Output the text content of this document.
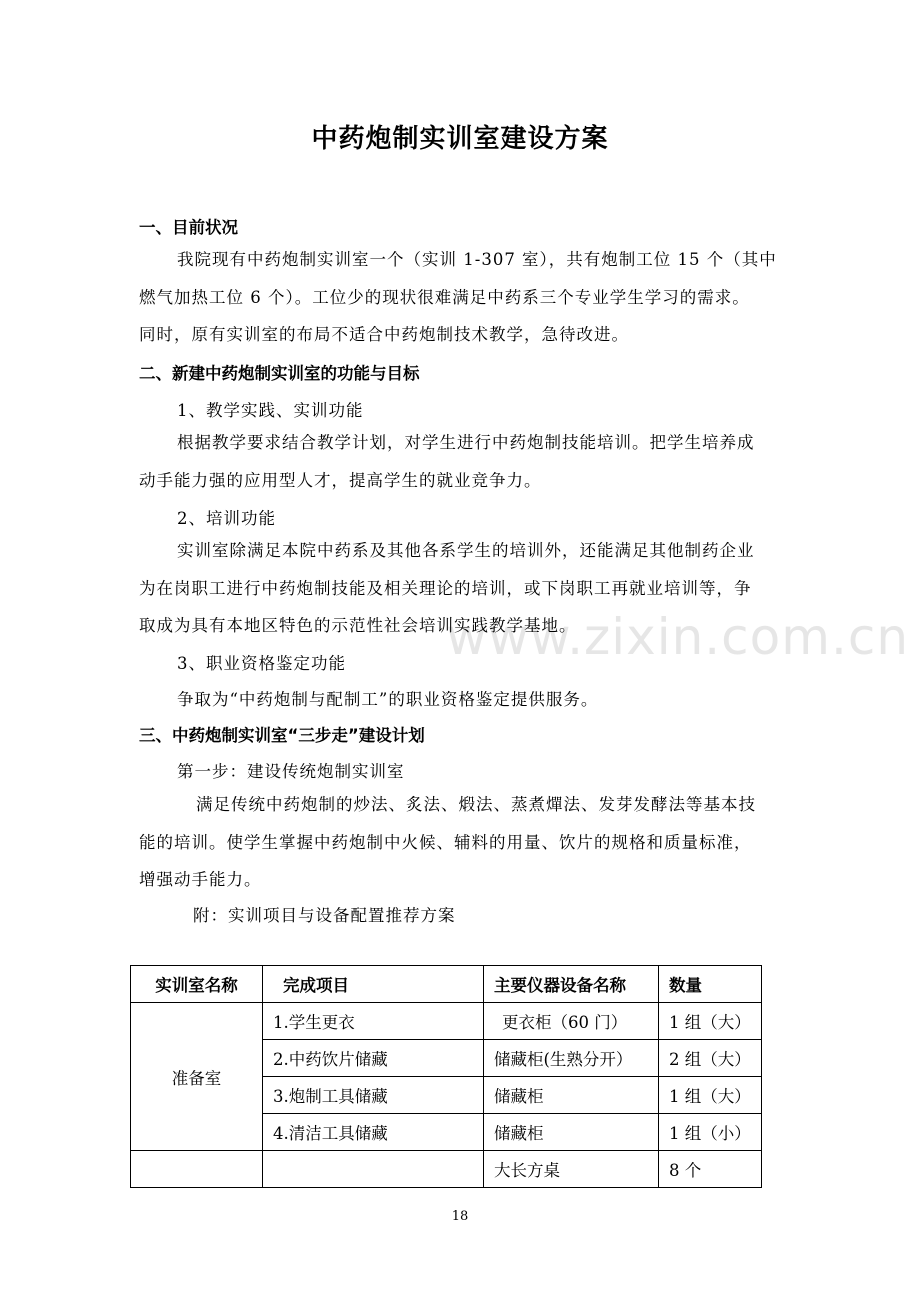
www.zixin.com.cn
中药炮制实训室建设方案
一、目前状况
我院现有中药炮制实训室一个（实训 1-307 室），共有炮制工位 15 个（其中
燃气加热工位 6 个）。工位少的现状很难满足中药系三个专业学生学习的需求。
同时，原有实训室的布局不适合中药炮制技术教学，急待改进。
二、新建中药炮制实训室的功能与目标
1、教学实践、实训功能
根据教学要求结合教学计划，对学生进行中药炮制技能培训。把学生培养成
动手能力强的应用型人才，提高学生的就业竞争力。
2、培训功能
实训室除满足本院中药系及其他各系学生的培训外，还能满足其他制药企业
为在岗职工进行中药炮制技能及相关理论的培训，或下岗职工再就业培训等，争
取成为具有本地区特色的示范性社会培训实践教学基地。
3、职业资格鉴定功能
争取为“中药炮制与配制工”的职业资格鉴定提供服务。
三、中药炮制实训室“三步走”建设计划
第一步：建设传统炮制实训室
满足传统中药炮制的炒法、炙法、煅法、蒸煮燀法、发芽发酵法等基本技
能的培训。使学生掌握中药炮制中火候、辅料的用量、饮片的规格和质量标准，
增强动手能力。
附：实训项目与设备配置推荐方案
实训室名称	完成项目	主要仪器设备名称	数量
准备室	1.学生更衣	更衣柜（60 门）	1 组（大）
	2.中药饮片储藏	储藏柜(生熟分开）	2 组（大）
	3.炮制工具储藏	储藏柜	1 组（大）
	4.清洁工具储藏	储藏柜	1 组（小）
		大长方桌	8 个
18
